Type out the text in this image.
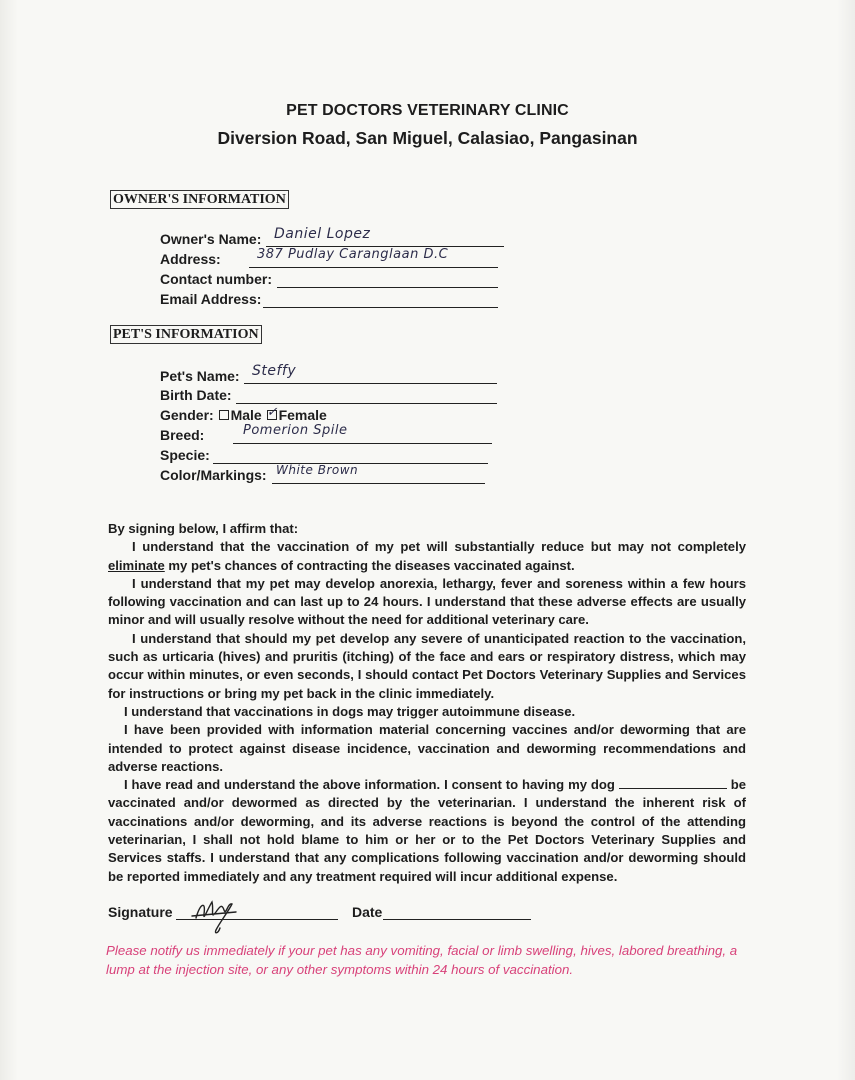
PET DOCTORS VETERINARY CLINIC
Diversion Road, San Miguel, Calasiao, Pangasinan
OWNER'S INFORMATION
Owner's Name: Daniel Lopez
Address:	387 Pudlay Caranglaan D.C
Contact number:
Email Address:
PET'S INFORMATION
Pet's Name: Steffy
Birth Date:
Gender: Male ✓ Female
Breed:	Pomerion Spile
Specie:
Color/Markings: White Brown

By signing below, I affirm that:

I understand that the vaccination of my pet will substantially reduce but may not completely eliminate my pet's chances of contracting the diseases vaccinated against.

I understand that my pet may develop anorexia, lethargy, fever and soreness within a few hours following vaccination and can last up to 24 hours. I understand that these adverse effects are usually minor and will usually resolve without the need for additional veterinary care.

I understand that should my pet develop any severe of unanticipated reaction to the vaccination, such as urticaria (hives) and pruritis (itching) of the face and ears or respiratory distress, which may occur within minutes, or even seconds, I should contact Pet Doctors Veterinary Supplies and Services for instructions or bring my pet back in the clinic immediately.

I understand that vaccinations in dogs may trigger autoimmune disease.

I have been provided with information material concerning vaccines and/or deworming that are intended to protect against disease incidence, vaccination and deworming recommendations and adverse reactions.

I have read and understand the above information. I consent to having my dog	be vaccinated and/or dewormed as directed by the veterinarian. I understand the inherent risk of vaccinations and/or deworming, and its adverse reactions is beyond the control of the attending veterinarian, I shall not hold blame to him or her or to the Pet Doctors Veterinary Supplies and Services staffs. I understand that any complications following vaccination and/or deworming should be reported immediately and any treatment required will incur additional expense.

Signature	Date
Please notify us immediately if your pet has any vomiting, facial or limb swelling, hives, labored breathing, a lump at the injection site, or any other symptoms within 24 hours of vaccination.
